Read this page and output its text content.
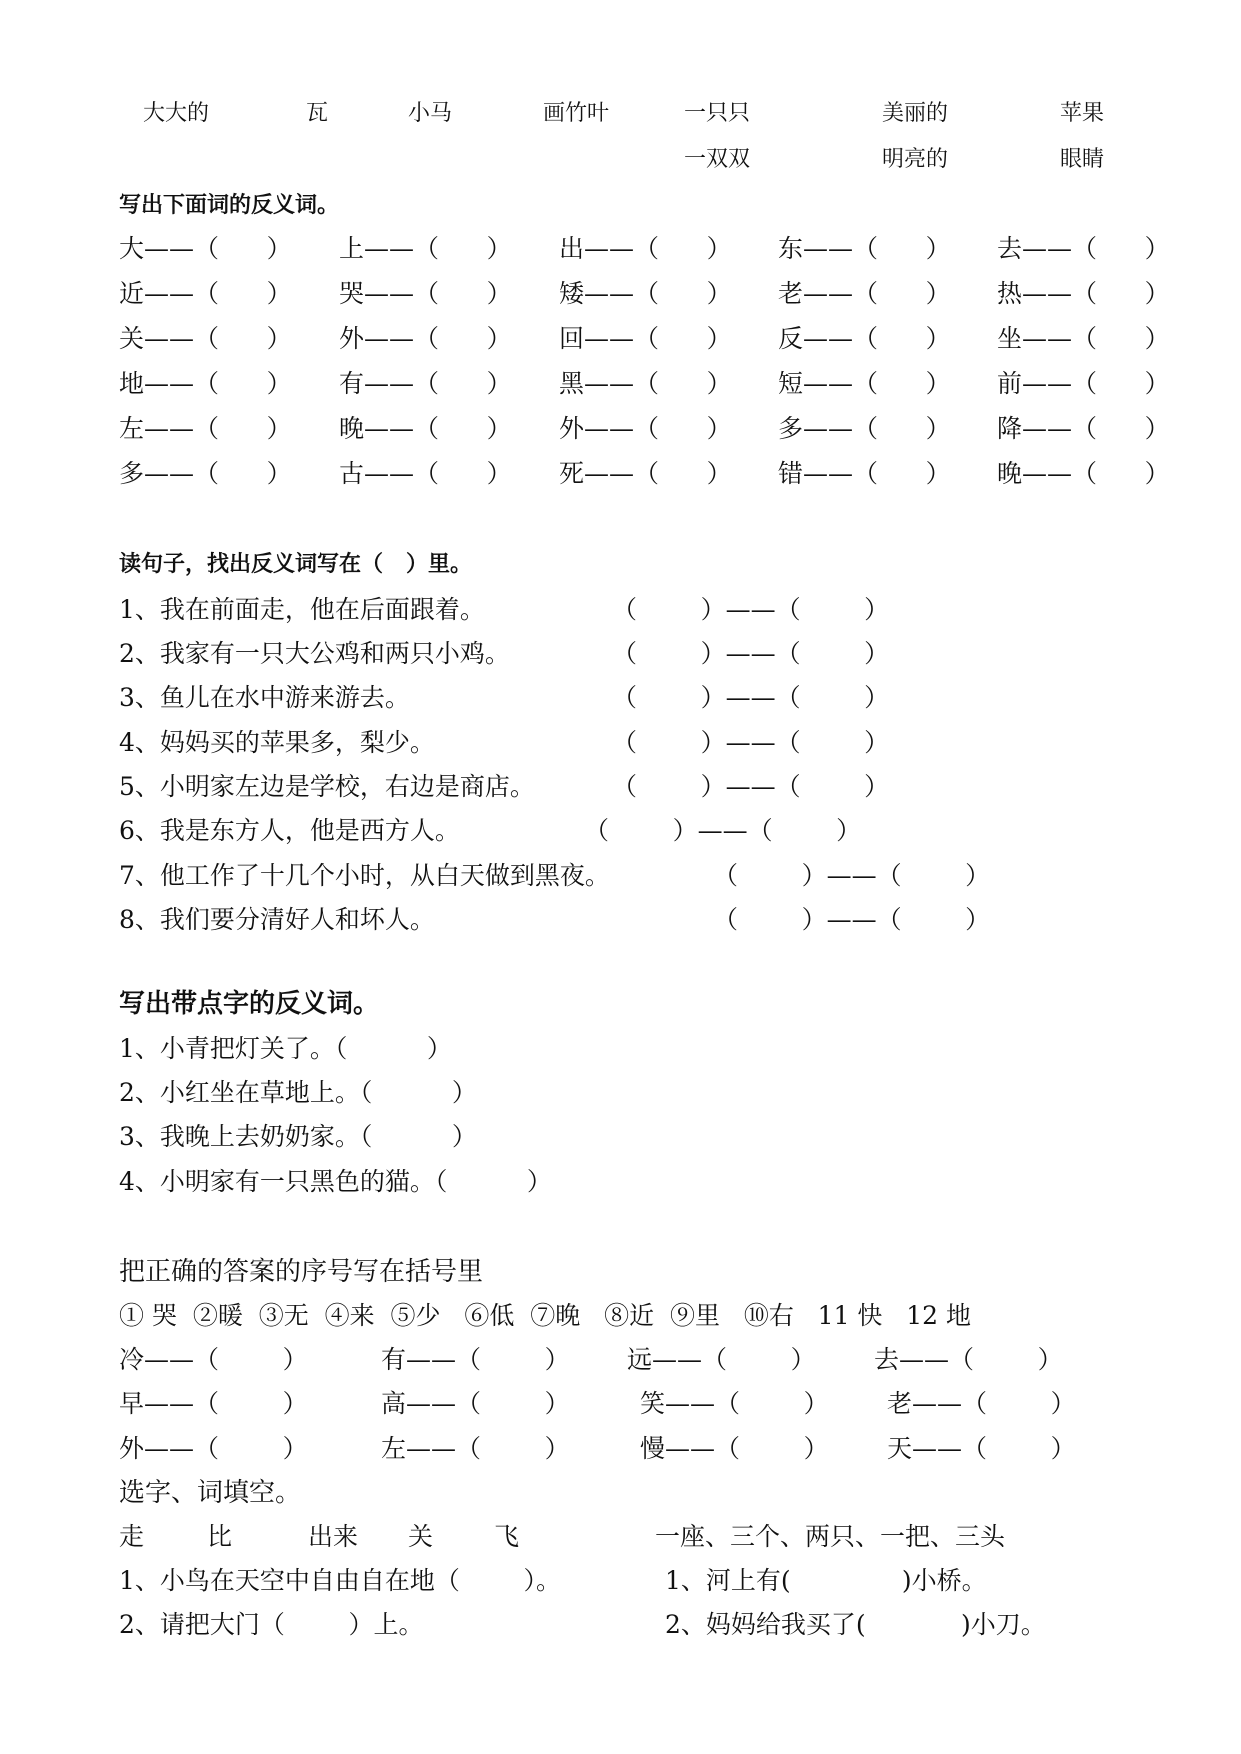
大大的	瓦	小马	画竹叶	一只只	美丽的	苹果
一双双	明亮的	眼睛
写出下面词的反义词。
大——（      ） 上——（      ） 出——（      ） 东——（      ） 去——（      ）
近——（      ） 哭——（      ） 矮——（      ） 老——（      ） 热——（      ）
关——（      ） 外——（      ） 回——（      ） 反——（      ） 坐——（      ）
地——（      ） 有——（      ） 黑——（      ） 短——（      ） 前——（      ）
左——（      ） 晚——（      ） 外——（      ） 多——（      ） 降——（      ）
多——（      ） 古——（      ） 死——（      ） 错——（      ） 晚——（      ）
读句子，找出反义词写在（   ）里。
1、我在前面走，他在后面跟着。	（        ）——（        ）
2、我家有一只大公鸡和两只小鸡。	（        ）——（        ）
3、鱼儿在水中游来游去。	（        ）——（        ）
4、妈妈买的苹果多，梨少。	（        ）——（        ）
5、小明家左边是学校，右边是商店。	（        ）——（        ）
6、我是东方人，他是西方人。	（        ）——（        ）
7、他工作了十几个小时，从白天做到黑夜。	（        ）——（        ）
8、我们要分清好人和坏人。	（        ）——（        ）
写出带点字的反义词。
1、小青把灯关了。（          ）
2、小红坐在草地上。（          ）
3、我晚上去奶奶家。（          ）
4、小明家有一只黑色的猫。（          ）
把正确的答案的序号写在括号里
① 哭  ②暖  ③无  ④来  ⑤少   ⑥低  ⑦晚   ⑧近  ⑨里   ⑩右   11 快   12 地
冷——（        ）	有——（        ） 远——（        ） 去——（        ）
早——（        ）	高——（        ）	笑——（        ） 老——（        ）
外——（        ）	左——（        ）	慢——（        ） 天——（        ）
选字、词填空。
走	比	出来 关 飞	一座、三个、两只、一把、三头
1、小鸟在天空中自由自在地（        ）。	1、河上有(              )小桥。
2、请把大门（        ）上。	2、妈妈给我买了(            )小刀。
